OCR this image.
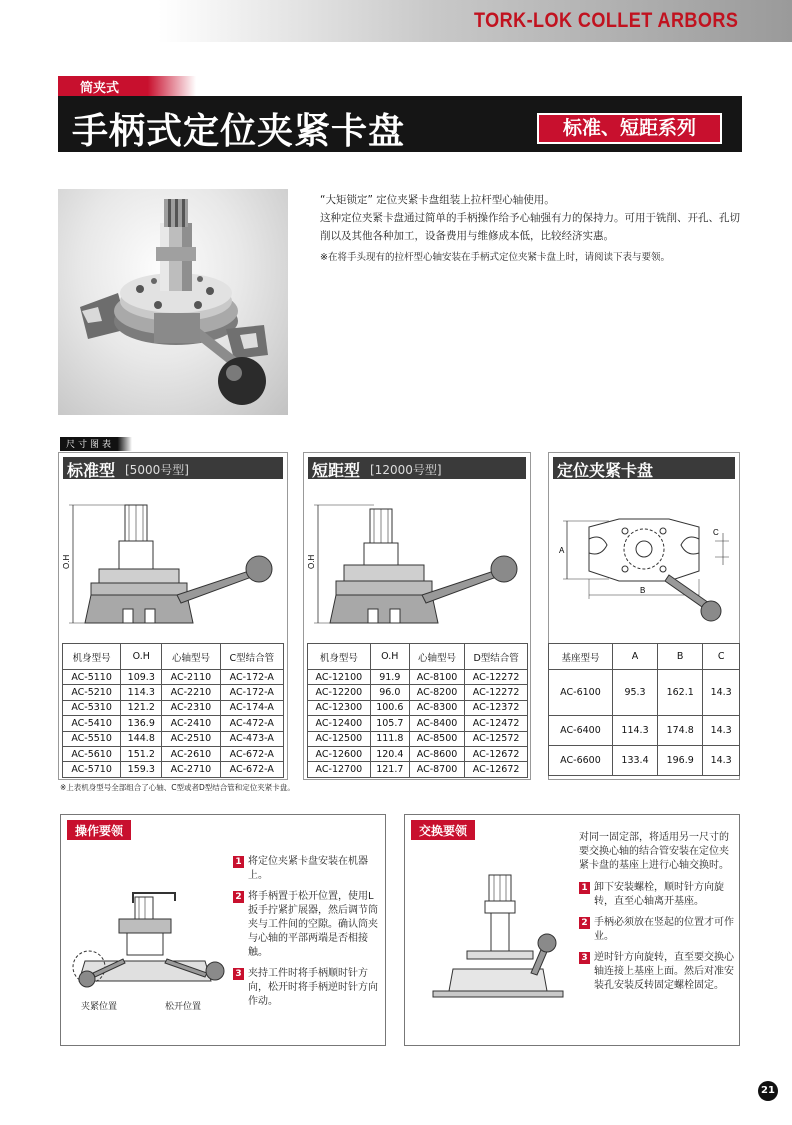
TORK-LOK COLLET ARBORS
筒夹式
手柄式定位夹紧卡盘	标准、短距系列

“大矩锁定” 定位夹紧卡盘组装上拉杆型心轴使用。

这种定位夹紧卡盘通过简单的手柄操作给予心轴强有力的保持力。可用于铣削、开孔、孔切削以及其他各种加工，设备费用与维修成本低，比较经济实惠。

※在将手头现有的拉杆型心轴安装在手柄式定位夹紧卡盘上时，请阅读下表与要领。

尺寸图表
标准型 [5000号型]
O.H
机身型号	O.H	心轴型号	C型结合管
AC-5110	109.3	AC-2110	AC-172-A
AC-5210	114.3	AC-2210	AC-172-A
AC-5310	121.2	AC-2310	AC-174-A
AC-5410	136.9	AC-2410	AC-472-A
AC-5510	144.8	AC-2510	AC-473-A
AC-5610	151.2	AC-2610	AC-672-A
AC-5710	159.3	AC-2710	AC-672-A
短距型 [12000号型]
O.H
机身型号	O.H	心轴型号	D型结合管
AC-12100	91.9	AC-8100	AC-12272
AC-12200	96.0	AC-8200	AC-12272
AC-12300	100.6	AC-8300	AC-12372
AC-12400	105.7	AC-8400	AC-12472
AC-12500	111.8	AC-8500	AC-12572
AC-12600	120.4	AC-8600	AC-12672
AC-12700	121.7	AC-8700	AC-12672
定位夹紧卡盘
A
C
B
基座型号	A	B	C
AC-6100	95.3	162.1	14.3
AC-6400	114.3	174.8	14.3
AC-6600	133.4	196.9	14.3
※上表机身型号全部组合了心轴、C型或者D型结合管和定位夹紧卡盘。
操作要领
夹紧位置	松开位置
1 将定位夹紧卡盘安装在机器上。
2 将手柄置于松开位置，使用L扳手拧紧扩展器，然后调节筒夹与工件间的空隙。确认筒夹与心轴的平部两端是否相接触。
3 夹持工件时将手柄顺时针方向，松开时将手柄逆时针方向作动。
交换要领	对同一固定部，将适用另一尺寸的要交换心轴的结合管安装在定位夹紧卡盘的基座上进行心轴交换时。
1 卸下安装螺栓，顺时针方向旋转，直至心轴离开基座。
2 手柄必须放在竖起的位置才可作业。
3 逆时针方向旋转，直至要交换心轴连接上基座上面。然后对准安装孔安装反转固定螺栓固定。
21
